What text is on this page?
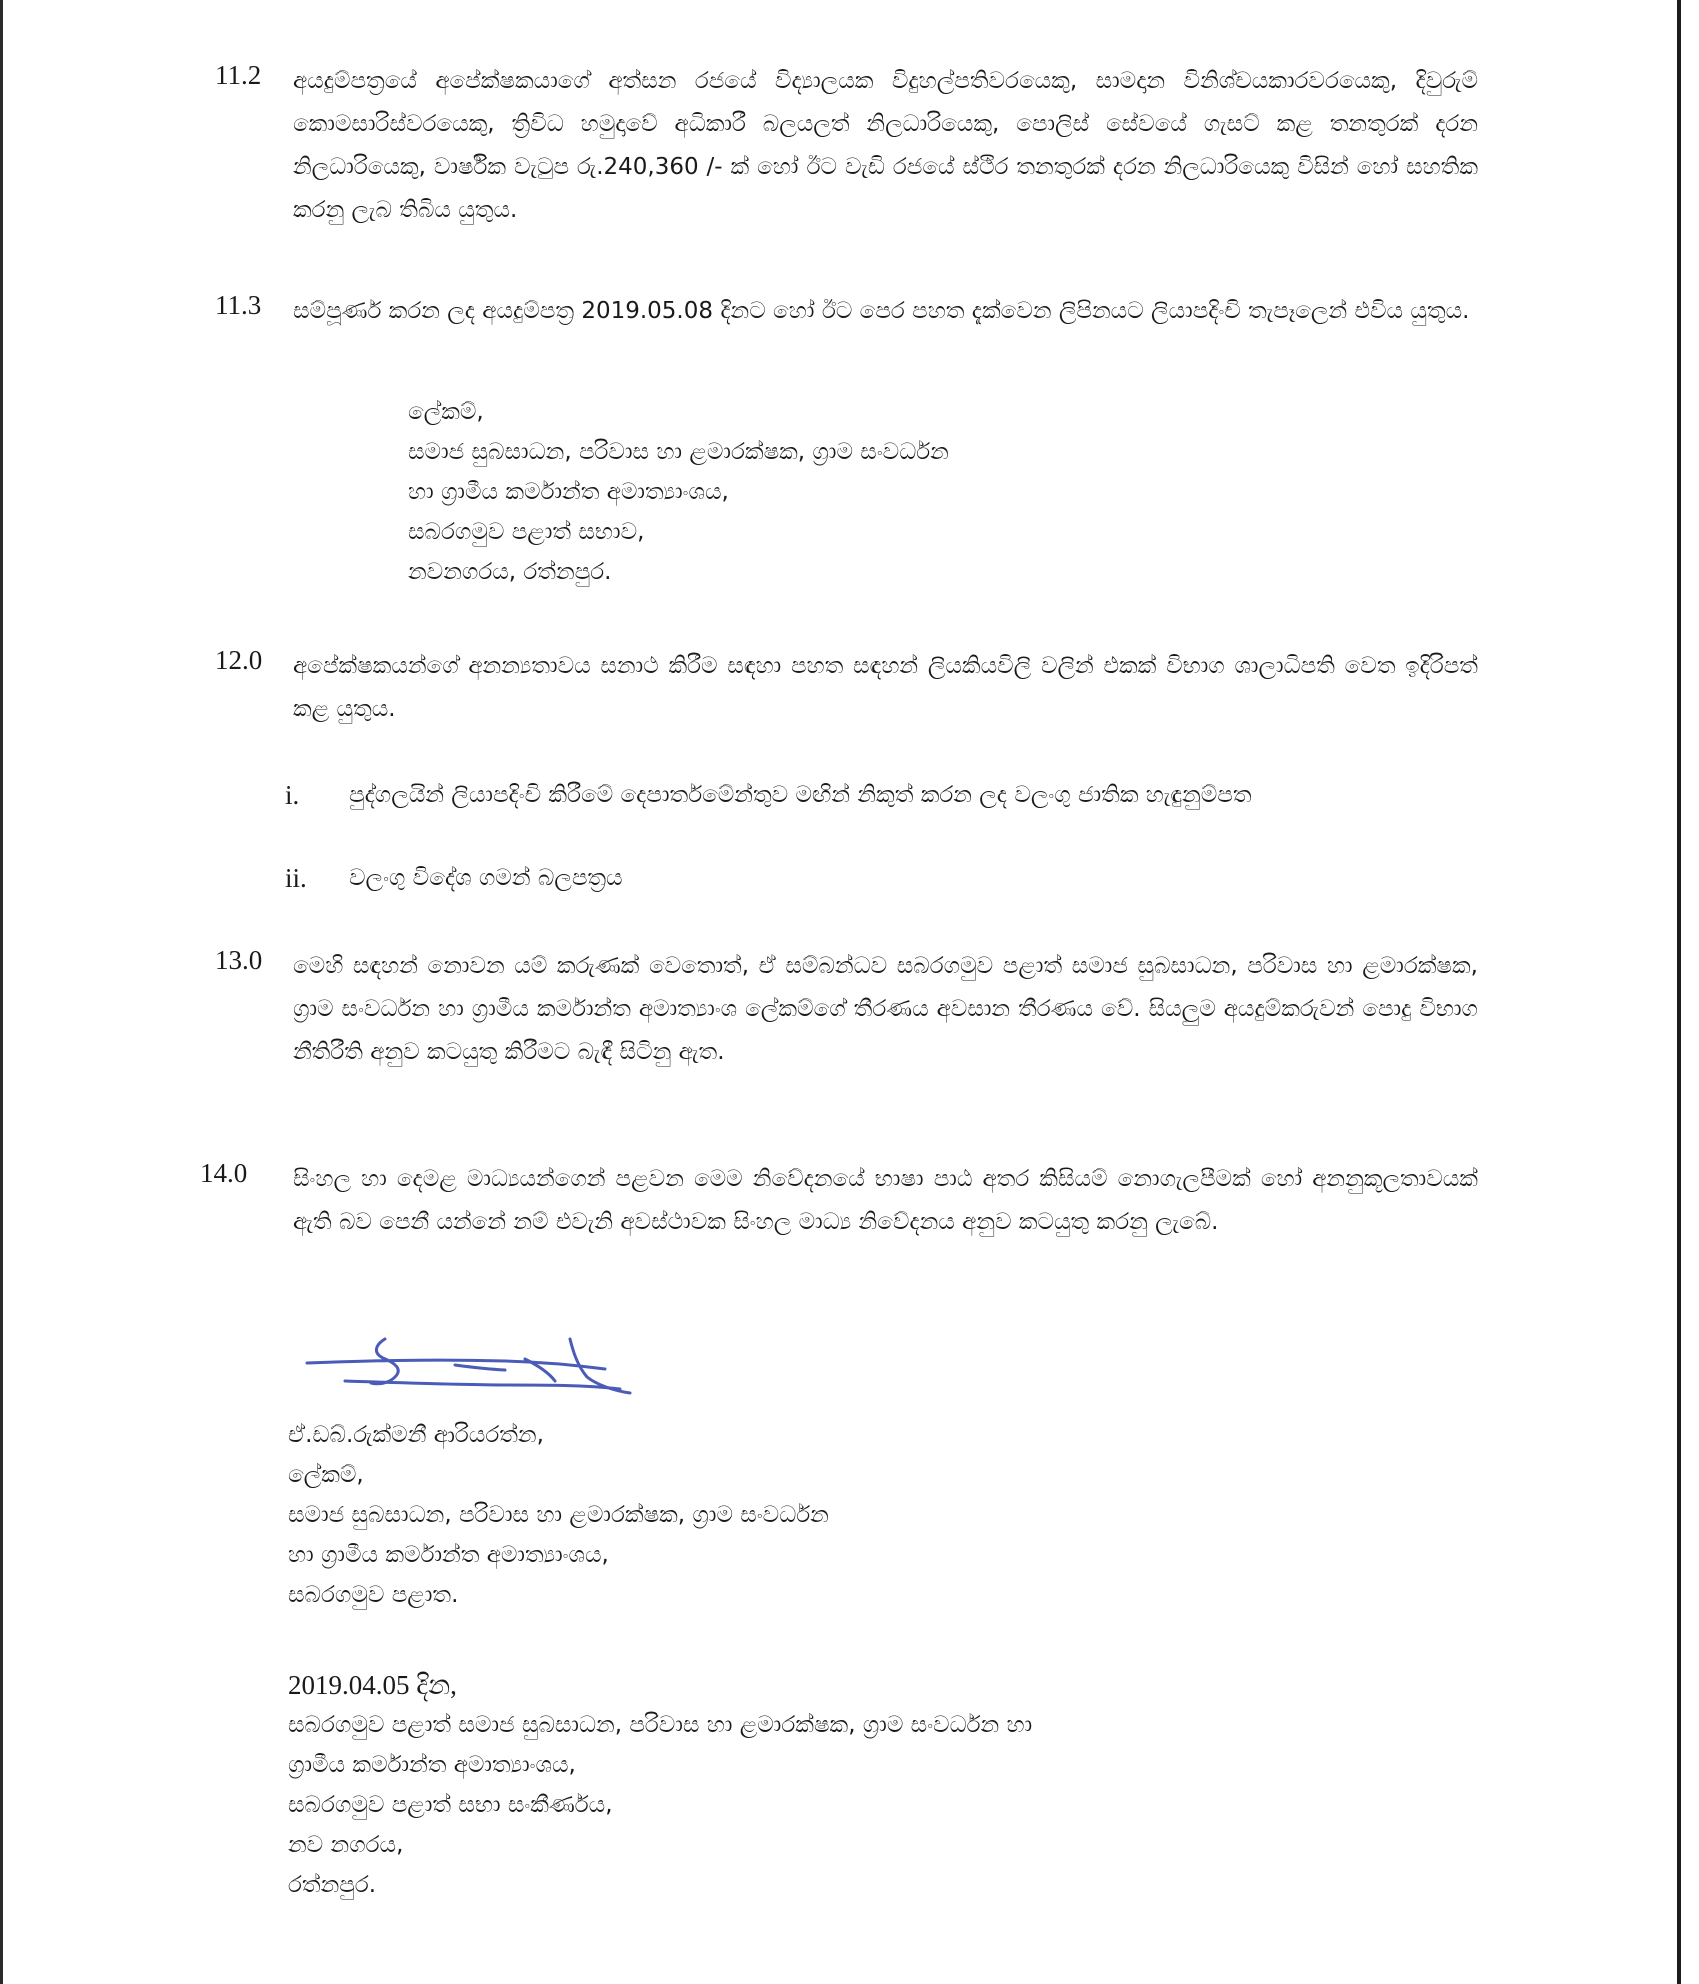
11.2 අයදුම්පත්‍රයේ අපේක්ෂකයාගේ අත්සන රජයේ විද්‍යාලයක විදුහල්පතිවරයෙකු, සාමදාන විනිශ්චයකාරවරයෙකු, දිවුරුම් කොමසාරිස්වරයෙකු, ත්‍රිවිධ හමුදාවේ අධිකාරී බලයලත් නිලධාරියෙකු, පොලිස් සේවයේ ගැසට් කළ තනතුරක් දරන නිලධාරියෙකු, වාර්ෂික වැටුප රු.240,360 /- ක් හෝ ඊට වැඩි රජයේ ස්ථිර තනතුරක් දරන නිලධාරියෙකු විසින් හෝ සහතික කරනු ලැබ තිබිය යුතුය.
11.3 සම්පූර්ණ කරන ලද අයදුම්පත්‍ර 2019.05.08 දිනට හෝ ඊට පෙර පහත දැක්වෙන ලිපිනයට ලියාපදිංචි තැපෑලෙන් එවිය යුතුය.
ලේකම්,
සමාජ සුබසාධන, පරිවාස හා ළමාරක්ෂක, ග්‍රාම සංවර්ධන
හා ග්‍රාමීය කර්මාන්ත අමාත්‍යාංශය,
සබරගමුව පළාත් සභාව,
නවනගරය, රත්නපුර.
12.0 අපේක්ෂකයන්ගේ අනන්‍යතාවය සනාථ කිරීම සඳහා පහත සඳහන් ලියකියවිලි වලින් එකක් විභාග ශාලාධිපති වෙත ඉදිරිපත් කළ යුතුය.
i.	පුද්ගලයින් ලියාපදිංචි කිරීමේ දෙපාර්තමේන්තුව මඟින් නිකුත් කරන ලද වලංගු ජාතික හැඳුනුම්පත
ii.	වලංගු විදේශ ගමන් බලපත්‍රය
13.0 මෙහි සඳහන් නොවන යම් කරුණක් වෙතොත්, ඒ සම්බන්ධව සබරගමුව පළාත් සමාජ සුබසාධන, පරිවාස හා ළමාරක්ෂක, ග්‍රාම සංවර්ධන හා ග්‍රාමීය කර්මාන්ත අමාත්‍යාංශ ලේකම්ගේ තීරණය අවසාන තීරණය වේ. සියලුම අයදුම්කරුවන් පොදු විභාග නීතිරීති අනුව කටයුතු කිරීමට බැඳී සිටිනු ඇත.
14.0 සිංහල හා දෙමළ මාධ්‍යයන්ගෙන් පළවන මෙම නිවේදනයේ භාෂා පාඨ අතර කිසියම් නොගැලපීමක් හෝ අනනුකූලතාවයක් ඇති බව පෙනී යන්නේ නම් එවැනි අවස්ථාවක සිංහල මාධ්‍ය නිවේදනය අනුව කටයුතු කරනු ලැබේ.
ඒ.ඩබ්.රුක්මනී ආරියරත්න,
ලේකම්,
සමාජ සුබසාධන, පරිවාස හා ළමාරක්ෂක, ග්‍රාම සංවර්ධන
හා ග්‍රාමීය කර්මාන්ත අමාත්‍යාංශය,
සබරගමුව පළාත.
2019.04.05 දින,
සබරගමුව පළාත් සමාජ සුබසාධන, පරිවාස හා ළමාරක්ෂක, ග්‍රාම සංවර්ධන හා
ග්‍රාමීය කර්මාන්ත අමාත්‍යාංශය,
සබරගමුව පළාත් සභා සංකීර්ණය,
නව නගරය,
රත්නපුර.
